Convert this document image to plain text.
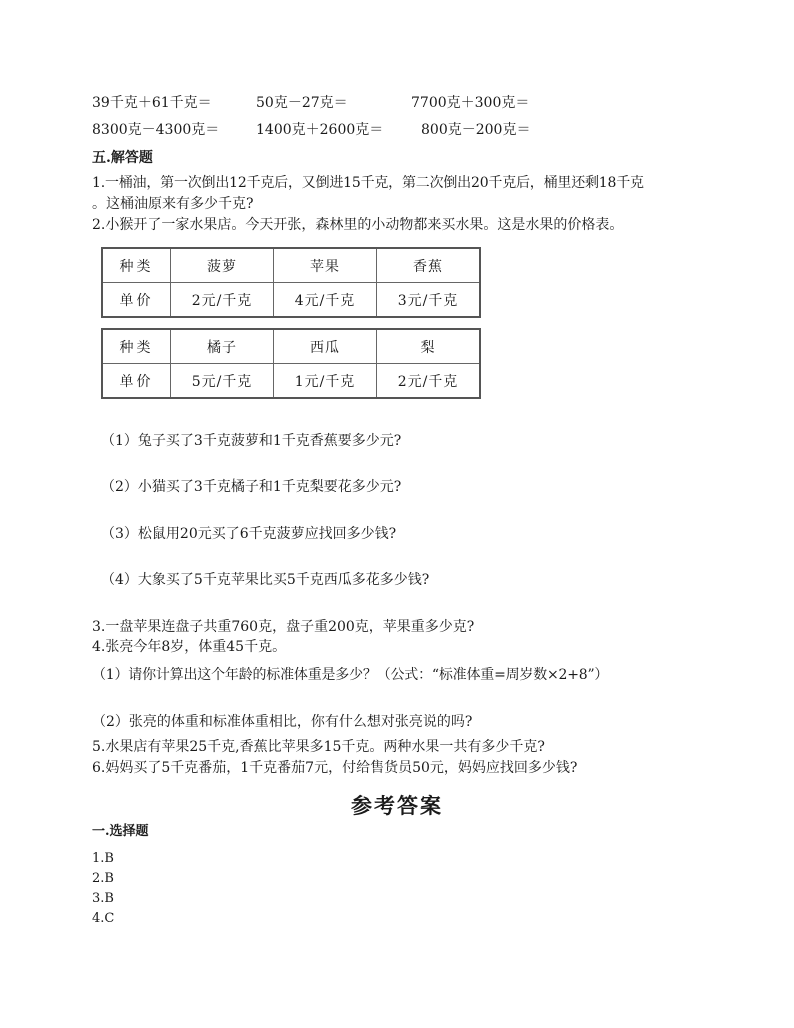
39千克＋61千克＝	50克－27克＝	7700克＋300克＝
8300克－4300克＝	1400克＋2600克＝	800克－200克＝
五.解答题
1.一桶油，第一次倒出12千克后，又倒进15千克，第二次倒出20千克后，桶里还剩18千克
。这桶油原来有多少千克?
2.小猴开了一家水果店。今天开张，森林里的小动物都来买水果。这是水果的价格表。
种类	菠萝	苹果	香蕉
单价	2元/千克	4元/千克	3元/千克
种类	橘子	西瓜	梨
单价	5元/千克	1元/千克	2元/千克
（1）兔子买了3千克菠萝和1千克香蕉要多少元?
（2）小猫买了3千克橘子和1千克梨要花多少元?
（3）松鼠用20元买了6千克菠萝应找回多少钱?
（4）大象买了5千克苹果比买5千克西瓜多花多少钱?
3.一盘苹果连盘子共重760克，盘子重200克，苹果重多少克?
4.张亮今年8岁，体重45千克。
（1）请你计算出这个年龄的标准体重是多少？（公式：“标准体重=周岁数×2+8”）
（2）张亮的体重和标准体重相比，你有什么想对张亮说的吗?
5.水果店有苹果25千克,香蕉比苹果多15千克。两种水果一共有多少千克?
6.妈妈买了5千克番茄，1千克番茄7元，付给售货员50元，妈妈应找回多少钱?
参考答案
一.选择题
1.B
2.B
3.B
4.C
